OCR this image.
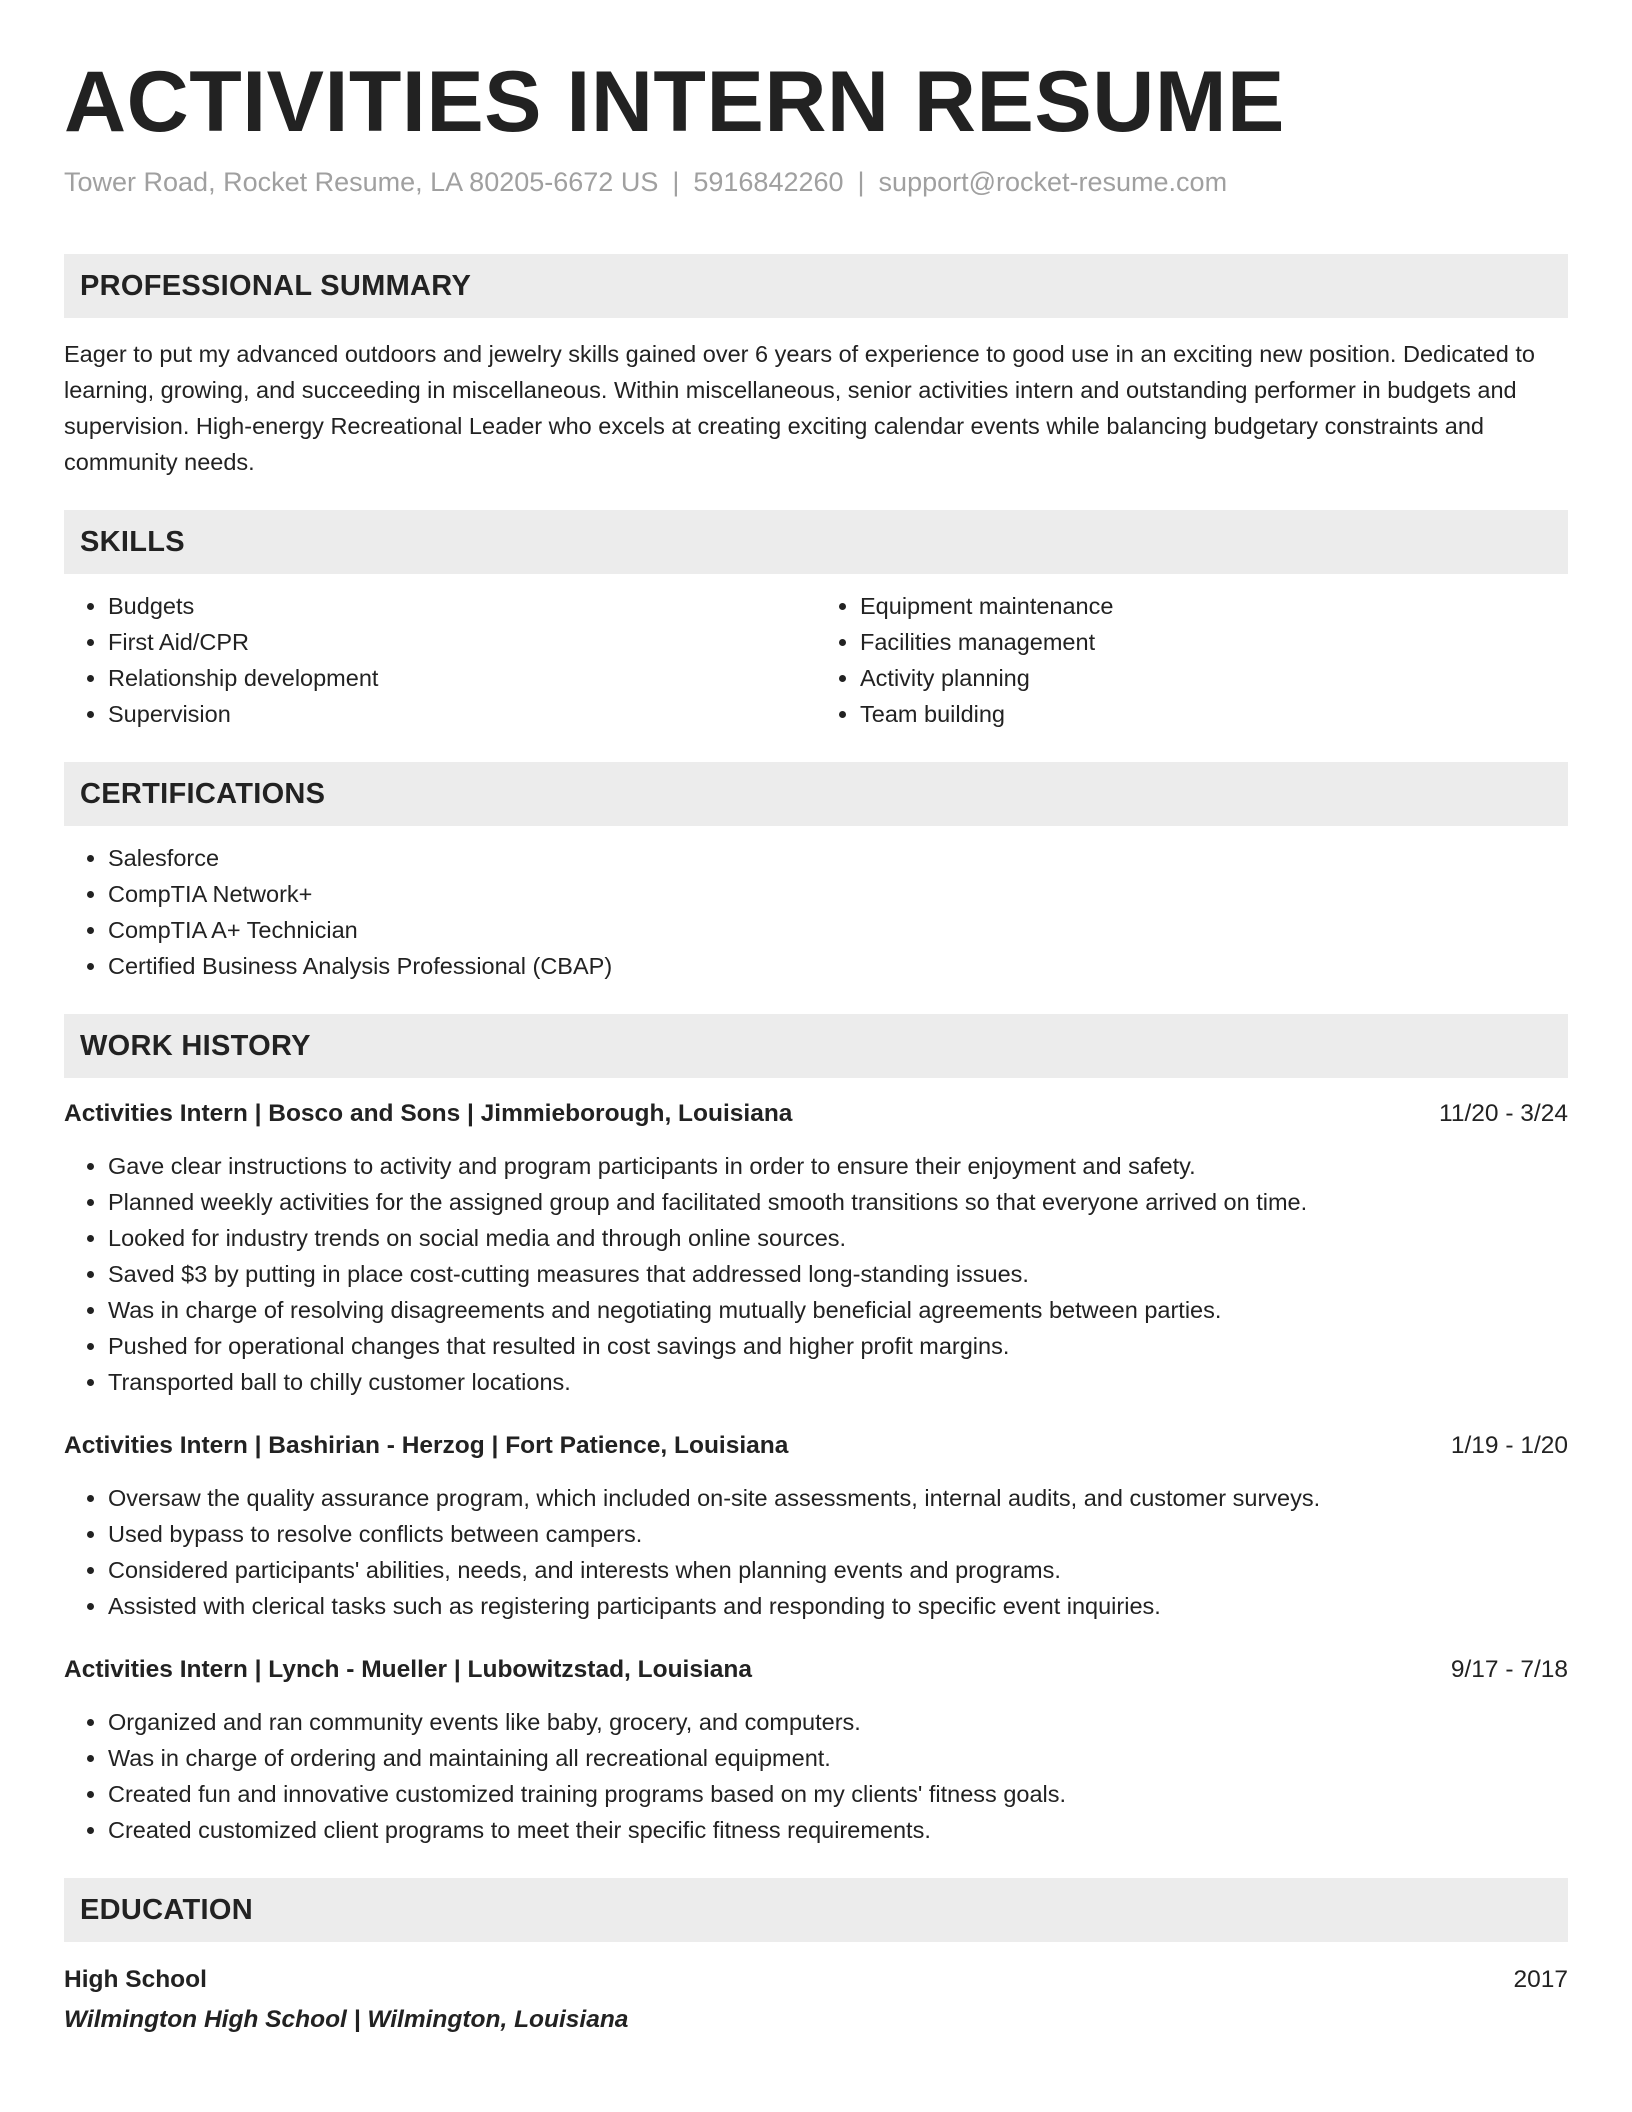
ACTIVITIES INTERN RESUME
Tower Road, Rocket Resume, LA 80205-6672 US | 5916842260 | support@rocket-resume.com
PROFESSIONAL SUMMARY
Eager to put my advanced outdoors and jewelry skills gained over 6 years of experience to good use in an exciting new position. Dedicated to learning, growing, and succeeding in miscellaneous. Within miscellaneous, senior activities intern and outstanding performer in budgets and supervision. High-energy Recreational Leader who excels at creating exciting calendar events while balancing budgetary constraints and community needs.
SKILLS
• Budgets
• First Aid/CPR
• Relationship development
• Supervision
• Equipment maintenance
• Facilities management
• Activity planning
• Team building
CERTIFICATIONS
• Salesforce
• CompTIA Network+
• CompTIA A+ Technician
• Certified Business Analysis Professional (CBAP)
WORK HISTORY
Activities Intern | Bosco and Sons | Jimmieborough, Louisiana	11/20 - 3/24
• Gave clear instructions to activity and program participants in order to ensure their enjoyment and safety.
• Planned weekly activities for the assigned group and facilitated smooth transitions so that everyone arrived on time.
• Looked for industry trends on social media and through online sources.
• Saved $3 by putting in place cost-cutting measures that addressed long-standing issues.
• Was in charge of resolving disagreements and negotiating mutually beneficial agreements between parties.
• Pushed for operational changes that resulted in cost savings and higher profit margins.
• Transported ball to chilly customer locations.
Activities Intern | Bashirian - Herzog | Fort Patience, Louisiana	1/19 - 1/20
• Oversaw the quality assurance program, which included on-site assessments, internal audits, and customer surveys.
• Used bypass to resolve conflicts between campers.
• Considered participants' abilities, needs, and interests when planning events and programs.
• Assisted with clerical tasks such as registering participants and responding to specific event inquiries.
Activities Intern | Lynch - Mueller | Lubowitzstad, Louisiana	9/17 - 7/18
• Organized and ran community events like baby, grocery, and computers.
• Was in charge of ordering and maintaining all recreational equipment.
• Created fun and innovative customized training programs based on my clients' fitness goals.
• Created customized client programs to meet their specific fitness requirements.
EDUCATION
High School	2017
Wilmington High School | Wilmington, Louisiana
